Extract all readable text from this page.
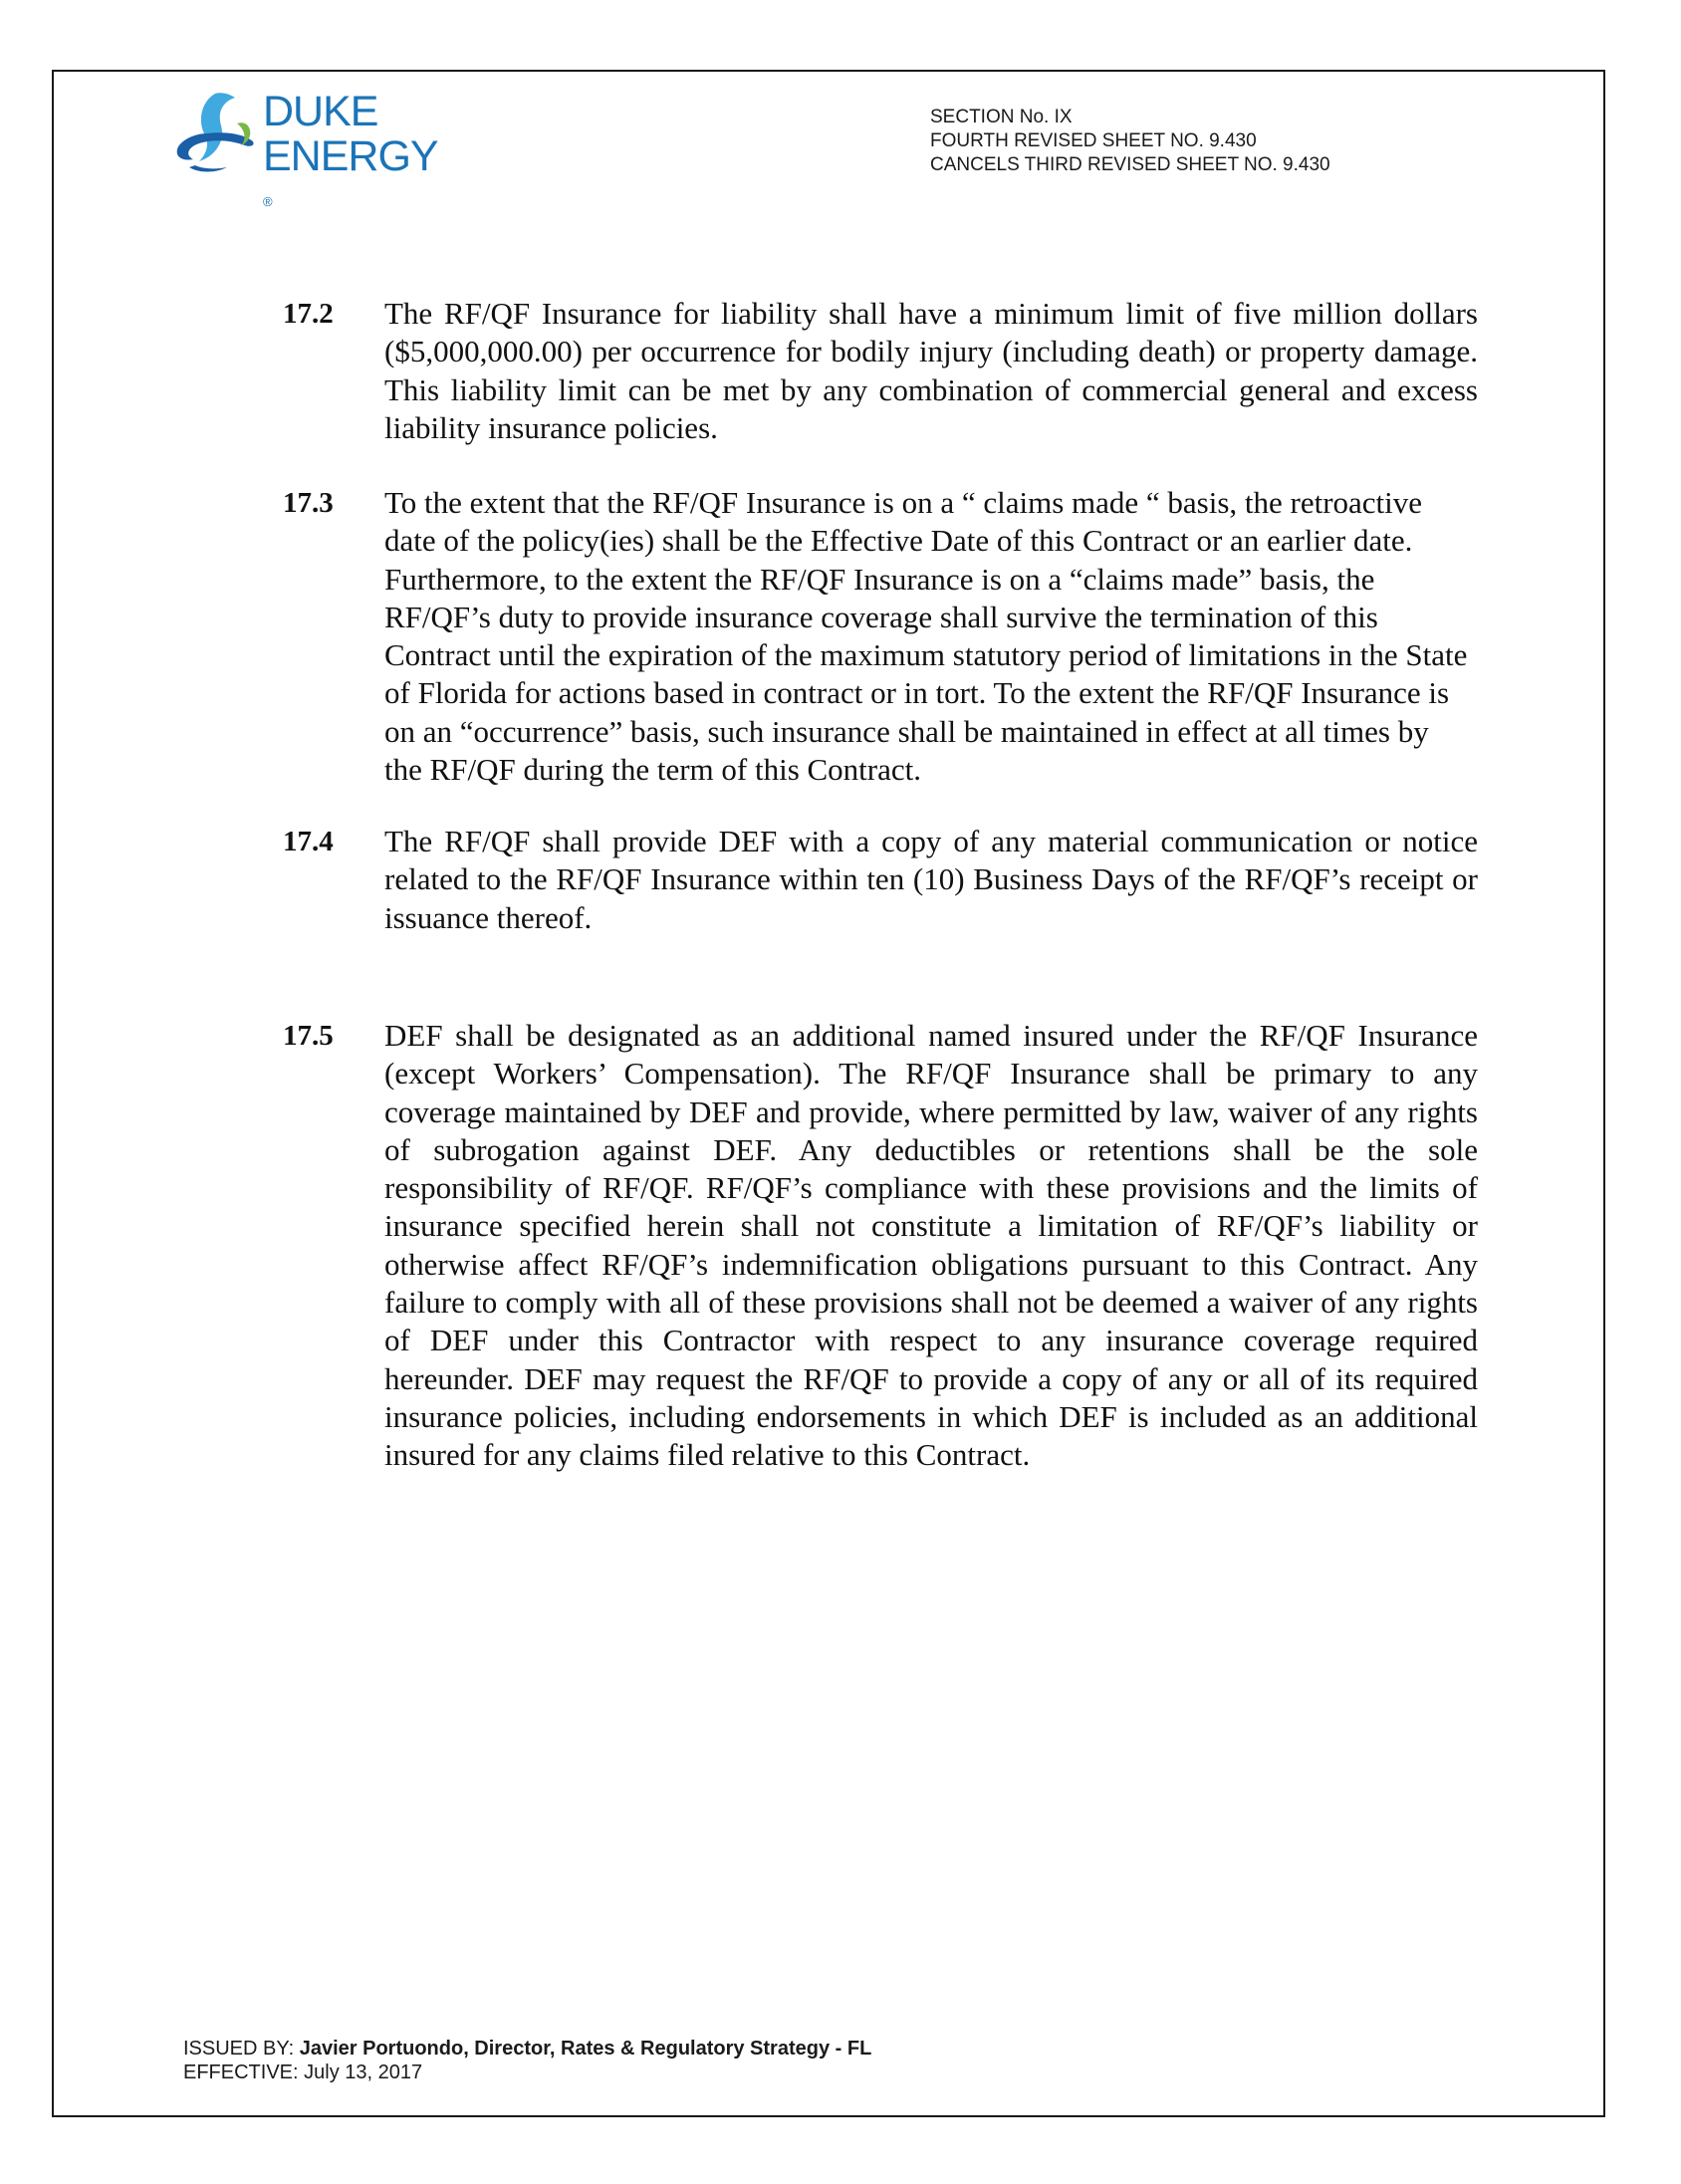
DUKE
ENERGY
®
SECTION No. IX
FOURTH REVISED SHEET NO. 9.430
CANCELS THIRD REVISED SHEET NO. 9.430
17.2 The RF/QF Insurance for liability shall have a minimum limit of five million dollars ($5,000,000.00) per occurrence for bodily injury (including death) or property damage. This liability limit can be met by any combination of commercial general and excess liability insurance policies.

17.3 To the extent that the RF/QF Insurance is on a “ claims made “ basis, the retroactive date of the policy(ies) shall be the Effective Date of this Contract or an earlier date. Furthermore, to the extent the RF/QF Insurance is on a “claims made” basis, the RF/QF’s duty to provide insurance coverage shall survive the termination of this Contract until the expiration of the maximum statutory period of limitations in the State of Florida for actions based in contract or in tort. To the extent the RF/QF Insurance is on an “occurrence” basis, such insurance shall be maintained in effect at all times by the RF/QF during the term of this Contract.

17.4 The RF/QF shall provide DEF with a copy of any material communication or notice related to the RF/QF Insurance within ten (10) Business Days of the RF/QF’s receipt or issuance thereof.

17.5 DEF shall be designated as an additional named insured under the RF/QF Insurance (except Workers’ Compensation). The RF/QF Insurance shall be primary to any coverage maintained by DEF and provide, where permitted by law, waiver of any rights of subrogation against DEF. Any deductibles or retentions shall be the sole responsibility of RF/QF. RF/QF’s compliance with these provisions and the limits of insurance specified herein shall not constitute a limitation of RF/QF’s liability or otherwise affect RF/QF’s indemnification obligations pursuant to this Contract. Any failure to comply with all of these provisions shall not be deemed a waiver of any rights of DEF under this Contractor with respect to any insurance coverage required hereunder. DEF may request the RF/QF to provide a copy of any or all of its required insurance policies, including endorsements in which DEF is included as an additional insured for any claims filed relative to this Contract.

ISSUED BY: Javier Portuondo, Director, Rates & Regulatory Strategy - FL
EFFECTIVE: July 13, 2017
